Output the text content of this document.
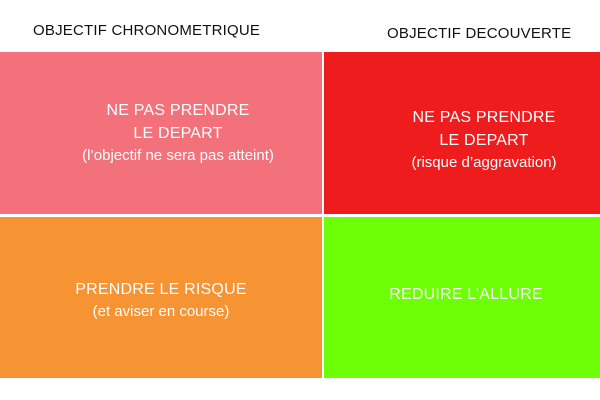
OBJECTIF CHRONOMETRIQUE	OBJECTIF DECOUVERTE
NE PAS PRENDRE
LE DEPART
(l’objectif ne sera pas atteint)
NE PAS PRENDRE
LE DEPART
(risque d’aggravation)
PRENDRE LE RISQUE
(et aviser en course)
REDUIRE L’ALLURE
